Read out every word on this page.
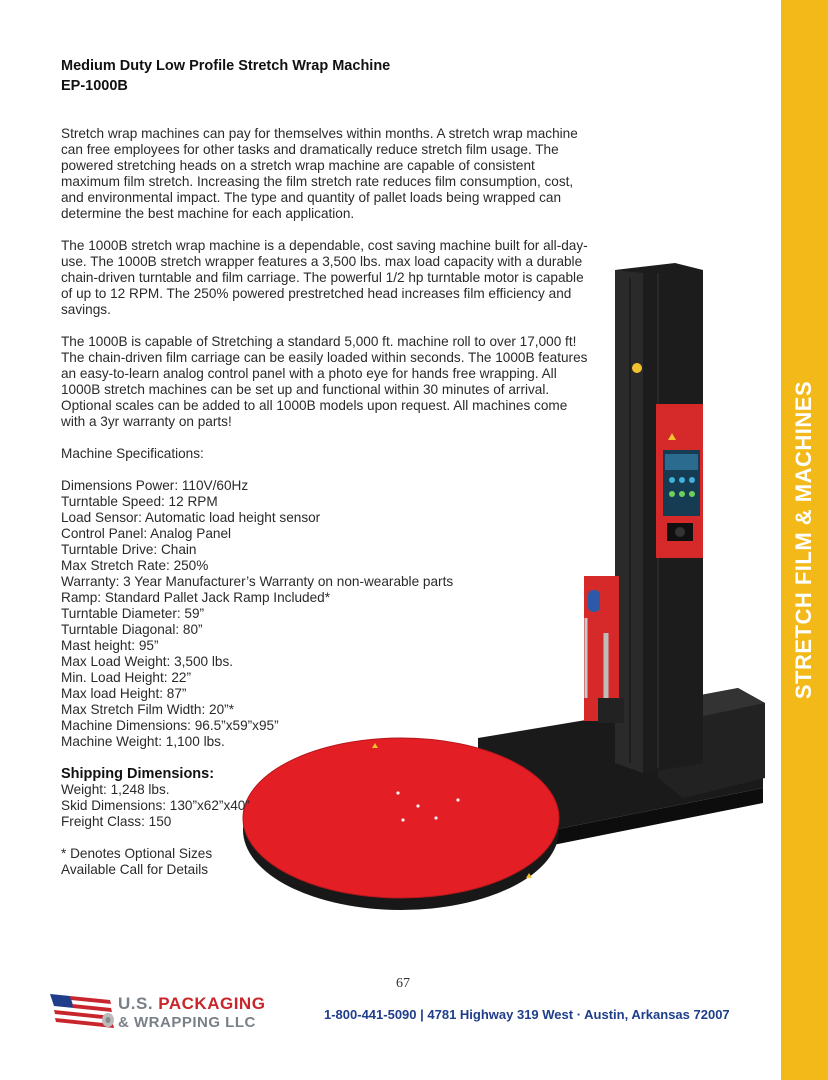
STRETCH FILM & MACHINES
Medium Duty Low Profile Stretch Wrap Machine
EP-1000B

Stretch wrap machines can pay for themselves within months. A stretch wrap machine can free employees for other tasks and dramatically reduce stretch film usage. The powered stretching heads on a stretch wrap machine are capable of consistent maximum film stretch. Increasing the film stretch rate reduces film consumption, cost, and environmental impact. The type and quantity of pallet loads being wrapped can determine the best machine for each application.

The 1000B stretch wrap machine is a dependable, cost saving machine built for all-day-use. The 1000B stretch wrapper features a 3,500 lbs. max load capacity with a durable chain-driven turntable and film carriage. The powerful 1/2 hp turntable motor is capable of up to 12 RPM. The 250% powered prestretched head increases film efficiency and savings.

The 1000B is capable of Stretching a standard 5,000 ft. machine roll to over 17,000 ft! The chain-driven film carriage can be easily loaded within seconds. The 1000B features an easy-to-learn analog control panel with a photo eye for hands free wrapping. All 1000B stretch machines can be set up and functional within 30 minutes of arrival. Optional scales can be added to all 1000B models upon request. All machines come with a 3yr warranty on parts!

Machine Specifications:
Dimensions Power: 110V/60Hz
Turntable Speed: 12 RPM
Load Sensor: Automatic load height sensor
Control Panel: Analog Panel
Turntable Drive: Chain
Max Stretch Rate: 250%
Warranty: 3 Year Manufacturer’s Warranty on non-wearable parts
Ramp: Standard Pallet Jack Ramp Included*
Turntable Diameter: 59”
Turntable Diagonal: 80”
Mast height: 95”
Max Load Weight: 3,500 lbs.
Min. Load Height: 22”
Max load Height: 87”
Max Stretch Film Width: 20”*
Machine Dimensions: 96.5”x59”x95”
Machine Weight: 1,100 lbs.
Shipping Dimensions:
Weight: 1,248 lbs.
Skid Dimensions: 130”x62”x40”
Freight Class: 150
* Denotes Optional Sizes
Available Call for Details
67
U.S. PACKAGING
& WRAPPING LLC	1-800-441-5090 | 4781 Highway 319 West · Austin, Arkansas 72007
